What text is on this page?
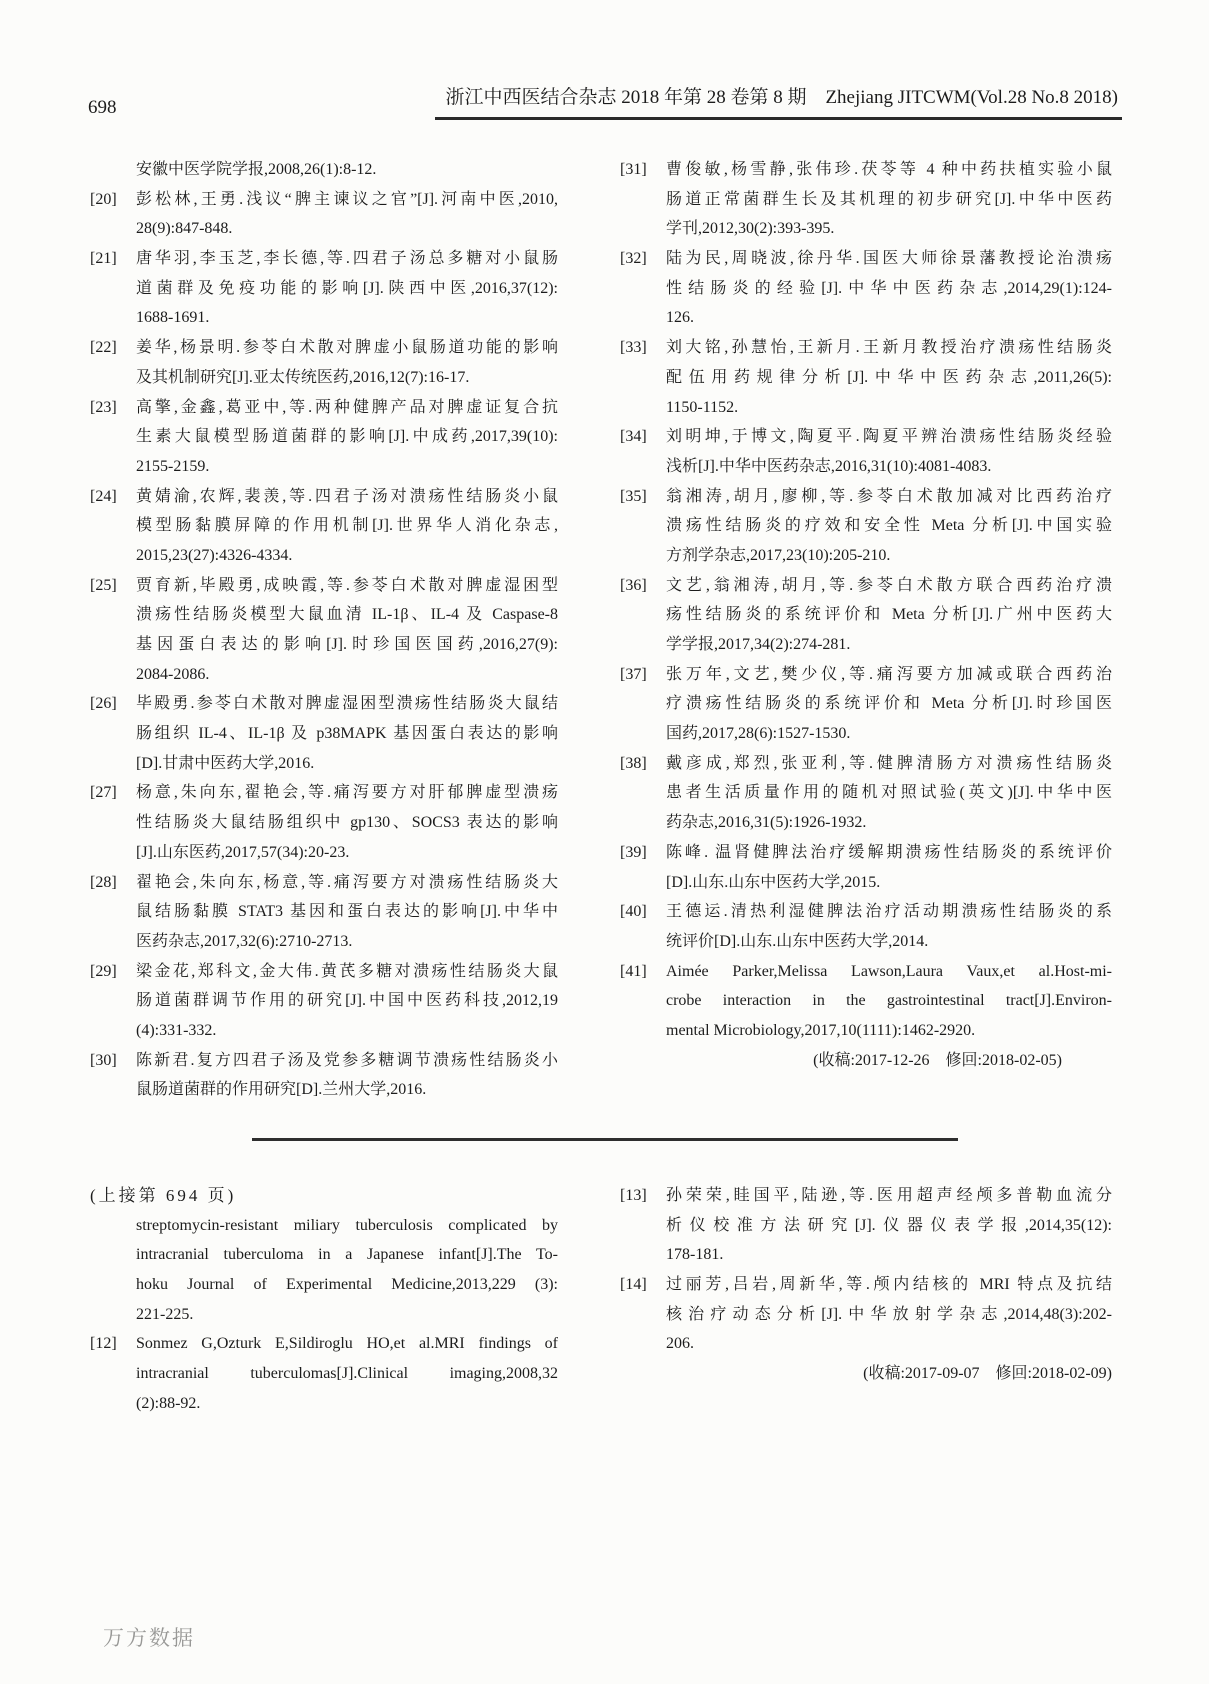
698	浙江中西医结合杂志 2018 年第 28 卷第 8 期　Zhejiang JITCWM(Vol.28 No.8 2018)
安徽中医学院学报,2008,26(1):8-12.
[20]	彭松林,王勇.浅议“脾主谏议之官”[J].河南中医,2010,
28(9):847-848.
[21]	唐华羽,李玉芝,李长德,等.四君子汤总多糖对小鼠肠
道菌群及免疫功能的影响[J].陕西中医,2016,37(12):
1688-1691.
[22]	姜华,杨景明.参苓白术散对脾虚小鼠肠道功能的影响
及其机制研究[J].亚太传统医药,2016,12(7):16-17.
[23]	高擎,金鑫,葛亚中,等.两种健脾产品对脾虚证复合抗
生素大鼠模型肠道菌群的影响[J].中成药,2017,39(10):
2155-2159.
[24]	黄婧渝,农辉,裴羡,等.四君子汤对溃疡性结肠炎小鼠
模型肠黏膜屏障的作用机制[J].世界华人消化杂志,
2015,23(27):4326-4334.
[25]	贾育新,毕殿勇,成映霞,等.参苓白术散对脾虚湿困型
溃疡性结肠炎模型大鼠血清 IL-1β、IL-4 及 Caspase-8
基因蛋白表达的影响[J].时珍国医国药,2016,27(9):
2084-2086.
[26]	毕殿勇.参苓白术散对脾虚湿困型溃疡性结肠炎大鼠结
肠组织 IL-4、IL-1β 及 p38MAPK 基因蛋白表达的影响
[D].甘肃中医药大学,2016.
[27]	杨意,朱向东,翟艳会,等.痛泻要方对肝郁脾虚型溃疡
性结肠炎大鼠结肠组织中 gp130、SOCS3 表达的影响
[J].山东医药,2017,57(34):20-23.
[28]	翟艳会,朱向东,杨意,等.痛泻要方对溃疡性结肠炎大
鼠结肠黏膜 STAT3 基因和蛋白表达的影响[J].中华中
医药杂志,2017,32(6):2710-2713.
[29]	梁金花,郑科文,金大伟.黄芪多糖对溃疡性结肠炎大鼠
肠道菌群调节作用的研究[J].中国中医药科技,2012,19
(4):331-332.
[30]	陈新君.复方四君子汤及党参多糖调节溃疡性结肠炎小
鼠肠道菌群的作用研究[D].兰州大学,2016.
[31]	曹俊敏,杨雪静,张伟珍.茯苓等 4 种中药扶植实验小鼠
肠道正常菌群生长及其机理的初步研究[J].中华中医药
学刊,2012,30(2):393-395.
[32]	陆为民,周晓波,徐丹华.国医大师徐景藩教授论治溃疡
性结肠炎的经验[J].中华中医药杂志,2014,29(1):124-
126.
[33]	刘大铭,孙慧怡,王新月.王新月教授治疗溃疡性结肠炎
配伍用药规律分析[J].中华中医药杂志,2011,26(5):
1150-1152.
[34]	刘明坤,于博文,陶夏平.陶夏平辨治溃疡性结肠炎经验
浅析[J].中华中医药杂志,2016,31(10):4081-4083.
[35]	翁湘涛,胡月,廖柳,等.参苓白术散加减对比西药治疗
溃疡性结肠炎的疗效和安全性 Meta 分析[J].中国实验
方剂学杂志,2017,23(10):205-210.
[36]	文艺,翁湘涛,胡月,等.参苓白术散方联合西药治疗溃
疡性结肠炎的系统评价和 Meta 分析[J].广州中医药大
学学报,2017,34(2):274-281.
[37]	张万年,文艺,樊少仪,等.痛泻要方加减或联合西药治
疗溃疡性结肠炎的系统评价和 Meta 分析[J].时珍国医
国药,2017,28(6):1527-1530.
[38]	戴彦成,郑烈,张亚利,等.健脾清肠方对溃疡性结肠炎
患者生活质量作用的随机对照试验(英文)[J].中华中医
药杂志,2016,31(5):1926-1932.
[39]	陈峰. 温肾健脾法治疗缓解期溃疡性结肠炎的系统评价
[D].山东.山东中医药大学,2015.
[40]	王德运.清热利湿健脾法治疗活动期溃疡性结肠炎的系
统评价[D].山东.山东中医药大学,2014.
[41]	Aimée Parker,Melissa Lawson,Laura Vaux,et al.Host-mi-
crobe interaction in the gastrointestinal tract[J].Environ-
mental Microbiology,2017,10(1111):1462-2920.
(收稿:2017-12-26　修回:2018-02-05)
(上接第 694 页)
streptomycin-resistant miliary tuberculosis complicated by
intracranial tuberculoma in a Japanese infant[J].The To-
hoku Journal of Experimental Medicine,2013,229 (3):
221-225.
[12]	Sonmez G,Ozturk E,Sildiroglu HO,et al.MRI findings of
intracranial tuberculomas[J].Clinical imaging,2008,32
(2):88-92.
[13]	孙荣荣,眭国平,陆逊,等.医用超声经颅多普勒血流分
析仪校准方法研究[J].仪器仪表学报,2014,35(12):
178-181.
[14]	过丽芳,吕岩,周新华,等.颅内结核的 MRI 特点及抗结
核治疗动态分析[J].中华放射学杂志,2014,48(3):202-
206.
(收稿:2017-09-07　修回:2018-02-09)
万方数据
